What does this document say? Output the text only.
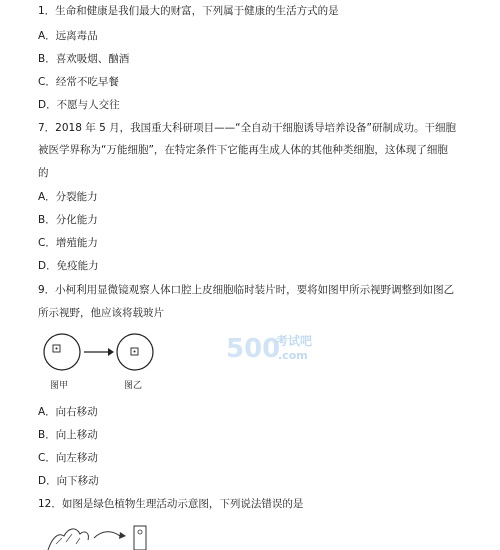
1．生命和健康是我们最大的财富，下列属于健康的生活方式的是
A．远离毒品
B．喜欢吸烟、酗酒
C．经常不吃早餐
D．不愿与人交往
7．2018 年 5 月，我国重大科研项目——“全自动干细胞诱导培养设备”研制成功。干细胞
被医学界称为“万能细胞”，在特定条件下它能再生成人体的其他种类细胞，这体现了细胞
的
A．分裂能力
B．分化能力
C．增殖能力
D．免疫能力
9．小柯利用显微镜观察人体口腔上皮细胞临时装片时，要将如图甲所示视野调整到如图乙
所示视野，他应该将载玻片
图甲	图乙
500
考试吧
.com
A．向右移动
B．向上移动
C．向左移动
D．向下移动
12．如图是绿色植物生理活动示意图，下列说法错误的是
